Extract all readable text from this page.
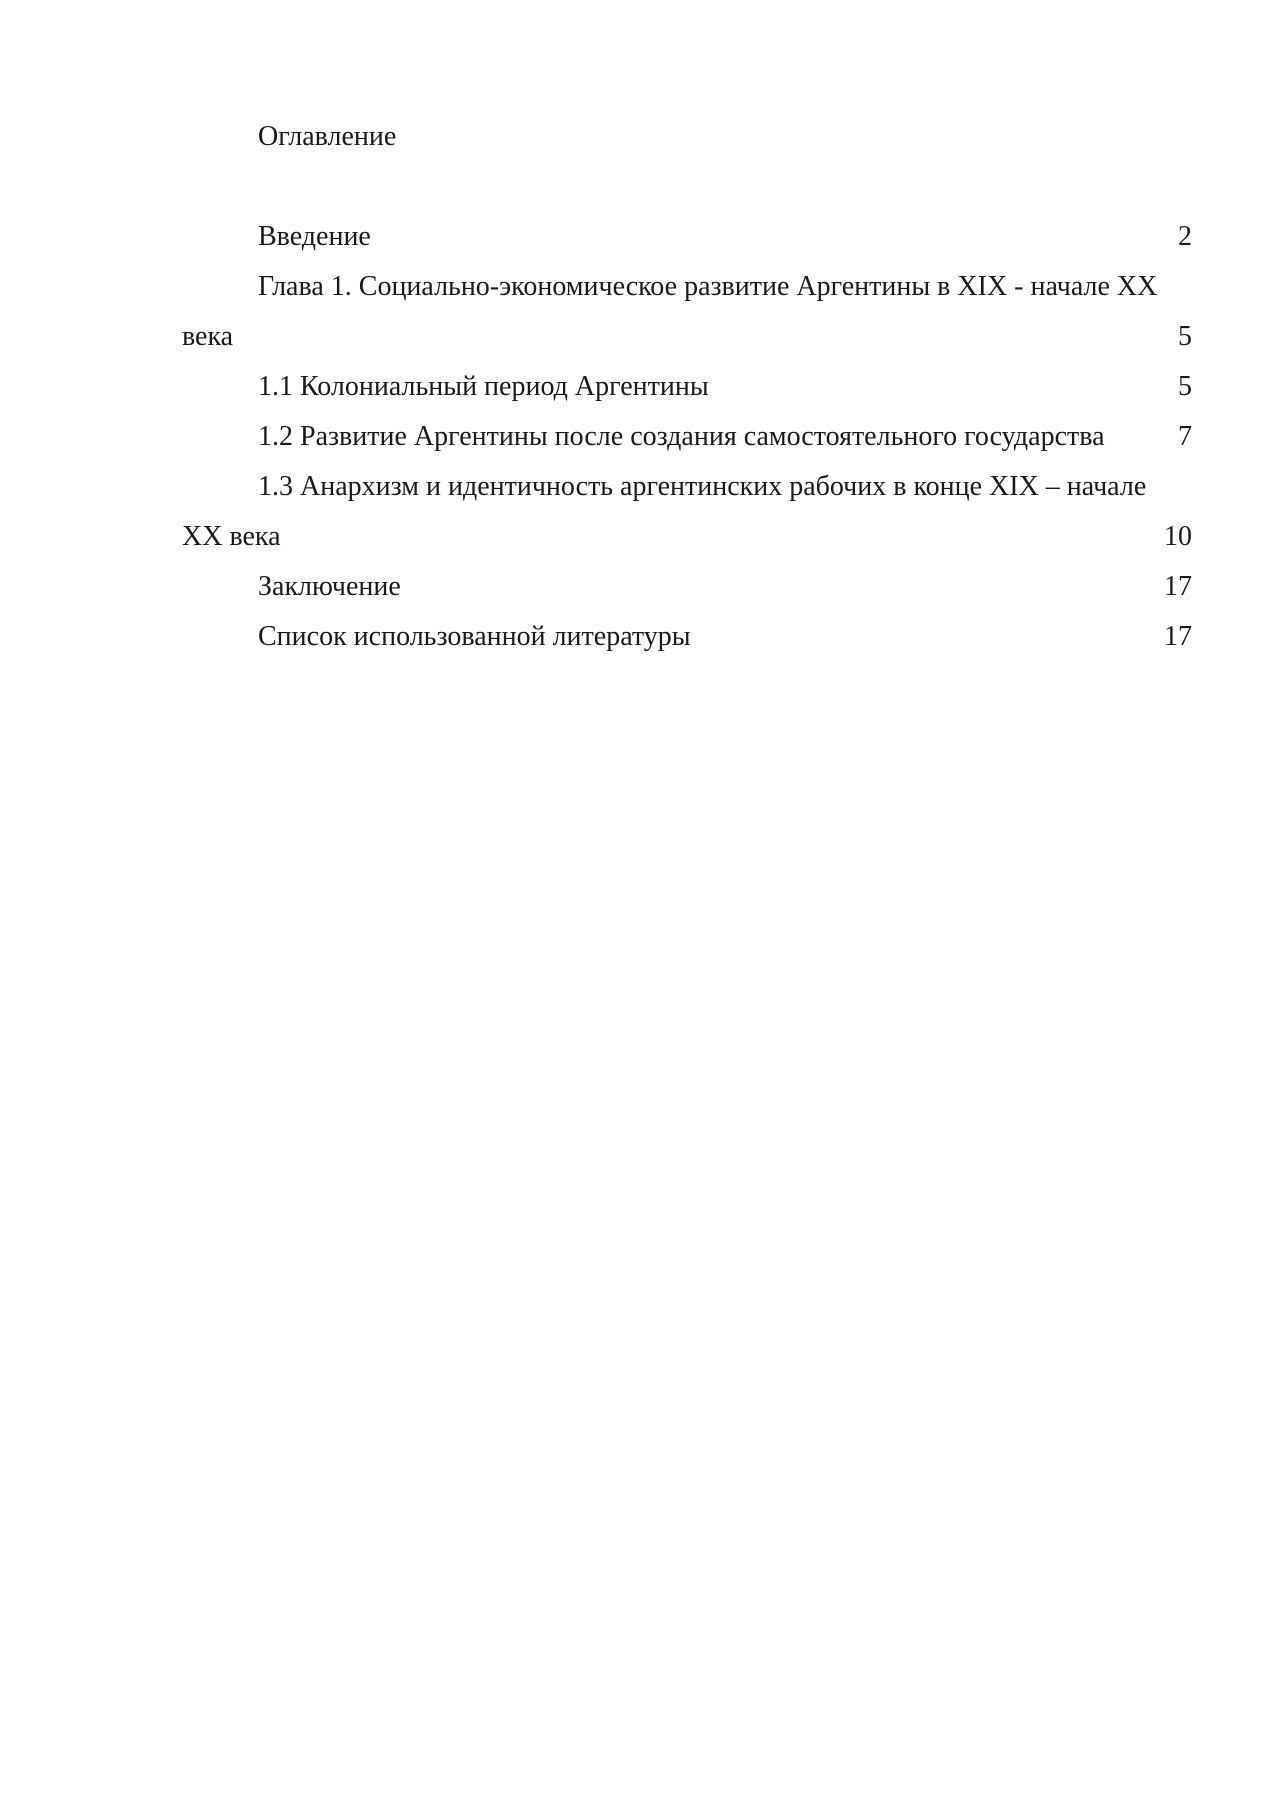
Оглавление
Введение	2
Глава 1. Социально-экономическое развитие Аргентины в XIX - начале XX века	5
1.1 Колониальный период Аргентины	5
1.2 Развитие Аргентины после создания самостоятельного государства	7
1.3 Анархизм и идентичность аргентинских рабочих в конце XIX – начале XX века	10
Заключение	17
Список использованной литературы	17
